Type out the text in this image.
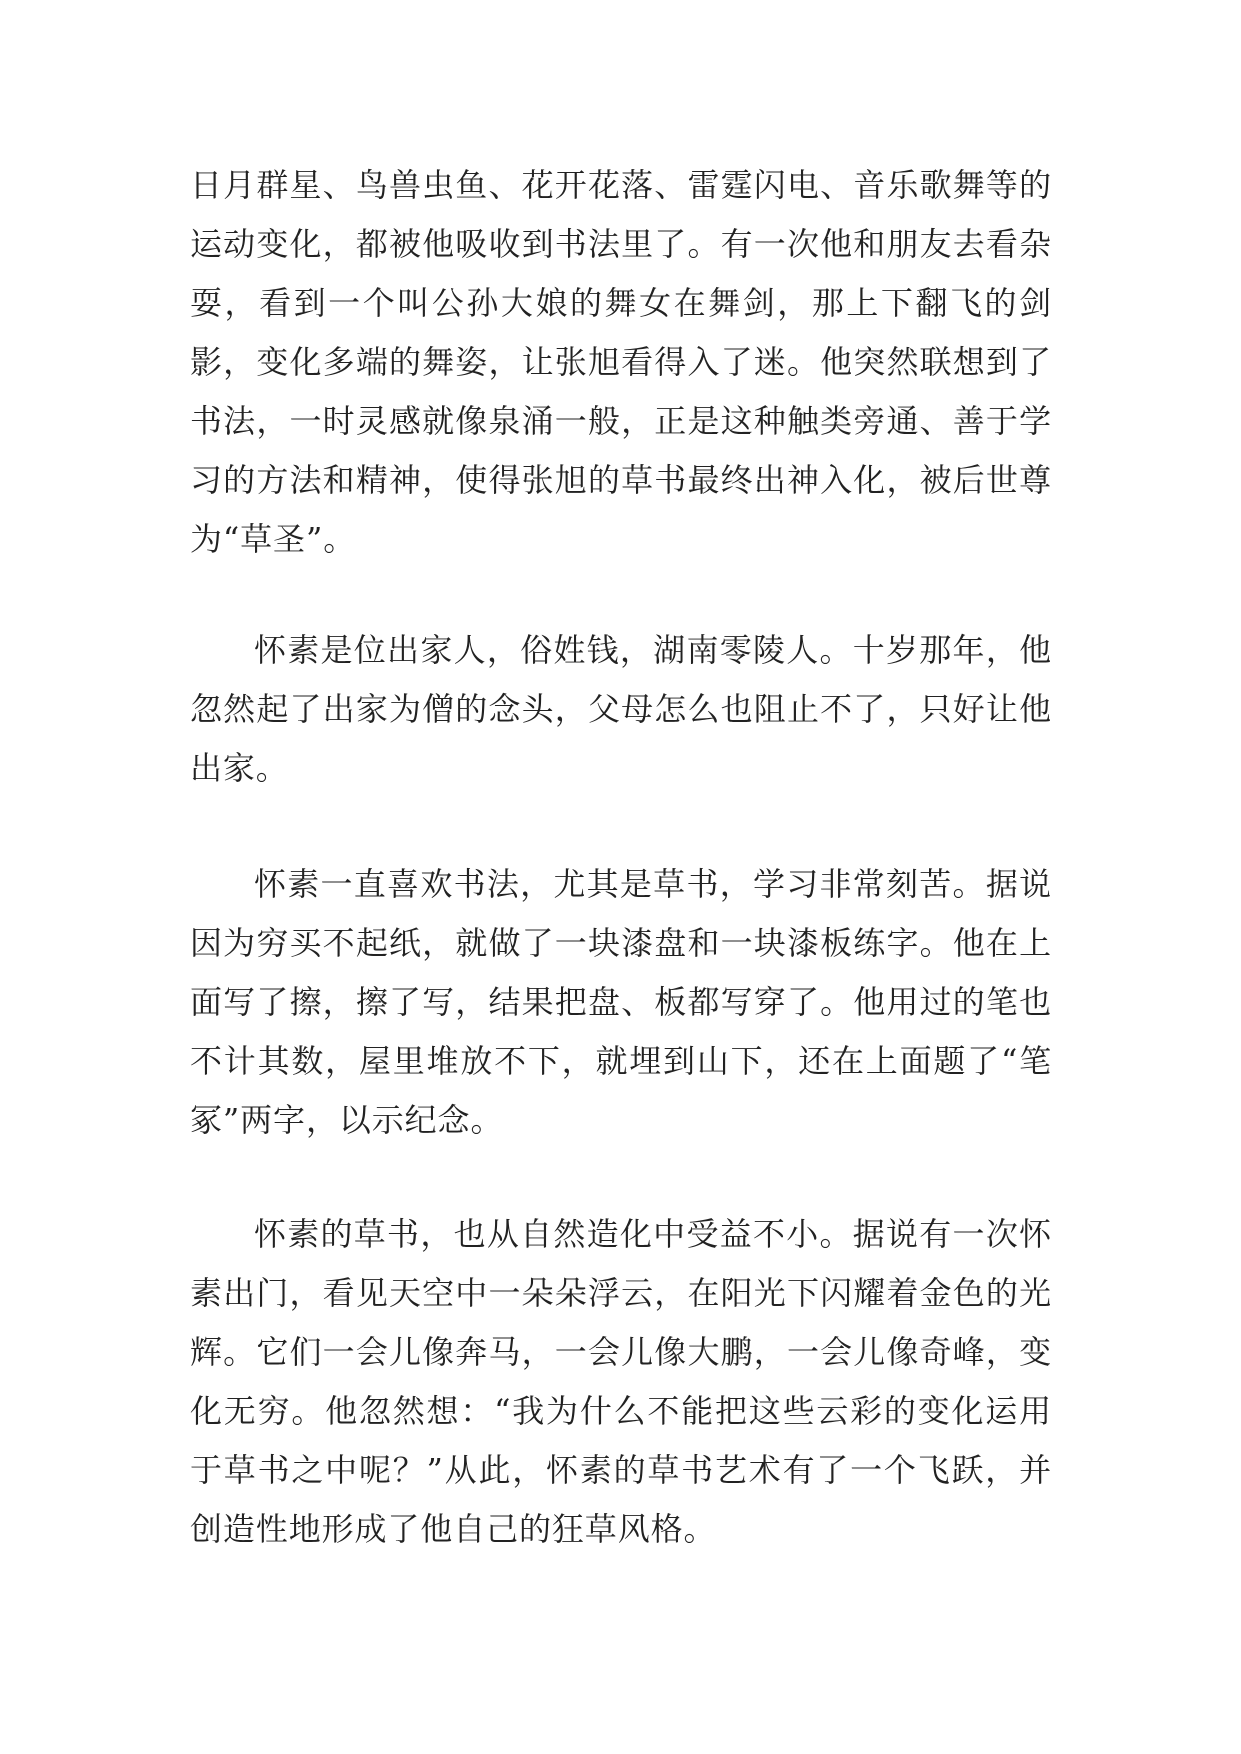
日月群星、鸟兽虫鱼、花开花落、雷霆闪电、音乐歌舞等的运动变化，都被他吸收到书法里了。有一次他和朋友去看杂耍，看到一个叫公孙大娘的舞女在舞剑，那上下翻飞的剑影，变化多端的舞姿，让张旭看得入了迷。他突然联想到了书法，一时灵感就像泉涌一般，正是这种触类旁通、善于学习的方法和精神，使得张旭的草书最终出神入化，被后世尊为“草圣”。

怀素是位出家人，俗姓钱，湖南零陵人。十岁那年，他忽然起了出家为僧的念头，父母怎么也阻止不了，只好让他出家。

怀素一直喜欢书法，尤其是草书，学习非常刻苦。据说因为穷买不起纸，就做了一块漆盘和一块漆板练字。他在上面写了擦，擦了写，结果把盘、板都写穿了。他用过的笔也不计其数，屋里堆放不下，就埋到山下，还在上面题了“笔冢”两字，以示纪念。

怀素的草书，也从自然造化中受益不小。据说有一次怀素出门，看见天空中一朵朵浮云，在阳光下闪耀着金色的光辉。它们一会儿像奔马，一会儿像大鹏，一会儿像奇峰，变化无穷。他忽然想：“我为什么不能把这些云彩的变化运用于草书之中呢？”从此，怀素的草书艺术有了一个飞跃，并创造性地形成了他自己的狂草风格。
